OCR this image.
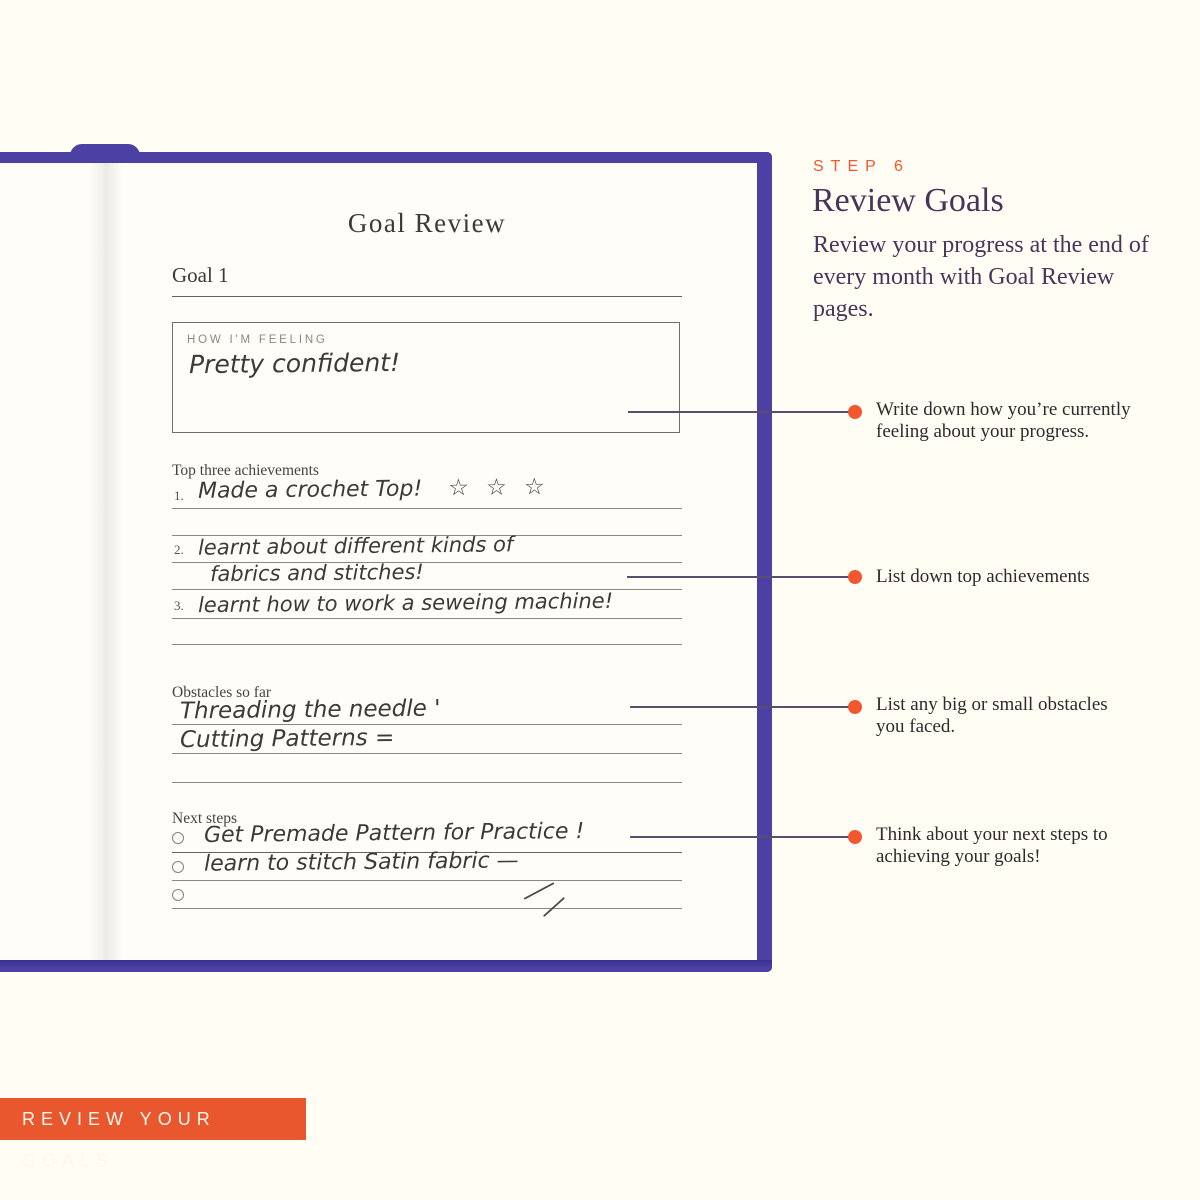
Goal Review
Goal 1
HOW I'M FEELING
Pretty confident!
Top three achievements
1. Made a crochet Top! ☆ ☆ ☆
2. learnt about different kinds of
fabrics and stitches!
3. learnt how to work a seweing machine!
Obstacles so far
Threading the needle '
Cutting Patterns =
Next steps
Get Premade Pattern for Practice !
learn to stitch Satin fabric —
STEP 6
Review Goals
Review your progress at the end of every month with Goal Review pages.
Write down how you’re currently
feeling about your progress.
List down top achievements
List any big or small obstacles
you faced.
Think about your next steps to
achieving your goals!
REVIEW YOUR GOALS
